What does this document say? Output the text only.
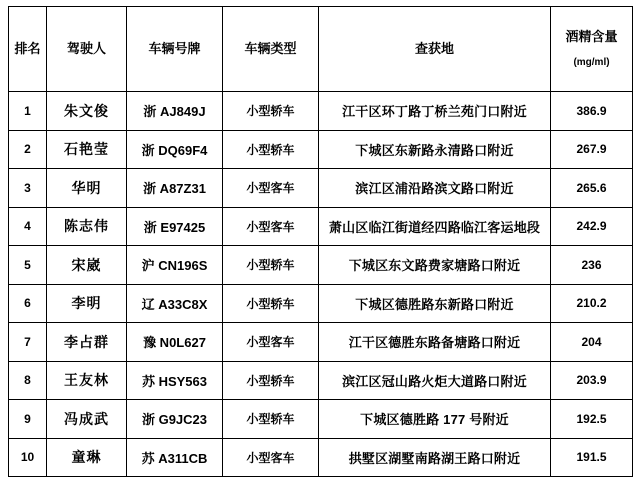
排名	驾驶人	车辆号牌	车辆类型	查获地	酒精含量
(mg/ml)

1	朱文俊	浙 AJ849J	小型轿车	江干区环丁路丁桥兰苑门口附近	386.9
2	石艳莹	浙 DQ69F4	小型轿车	下城区东新路永清路口附近	267.9
3	华明	浙 A87Z31	小型客车	滨江区浦沿路滨文路口附近	265.6
4	陈志伟	浙 E97425	小型客车	萧山区临江街道经四路临江客运地段	242.9
5	宋崴	沪 CN196S	小型轿车	下城区东文路费家塘路口附近	236
6	李明	辽 A33C8X	小型轿车	下城区德胜路东新路口附近	210.2
7	李占群	豫 N0L627	小型客车	江干区德胜东路备塘路口附近	204
8	王友林	苏 HSY563	小型轿车	滨江区冠山路火炬大道路口附近	203.9
9	冯成武	浙 G9JC23	小型轿车	下城区德胜路 177 号附近	192.5
10	童琳	苏 A311CB	小型客车	拱墅区湖墅南路湖王路口附近	191.5
